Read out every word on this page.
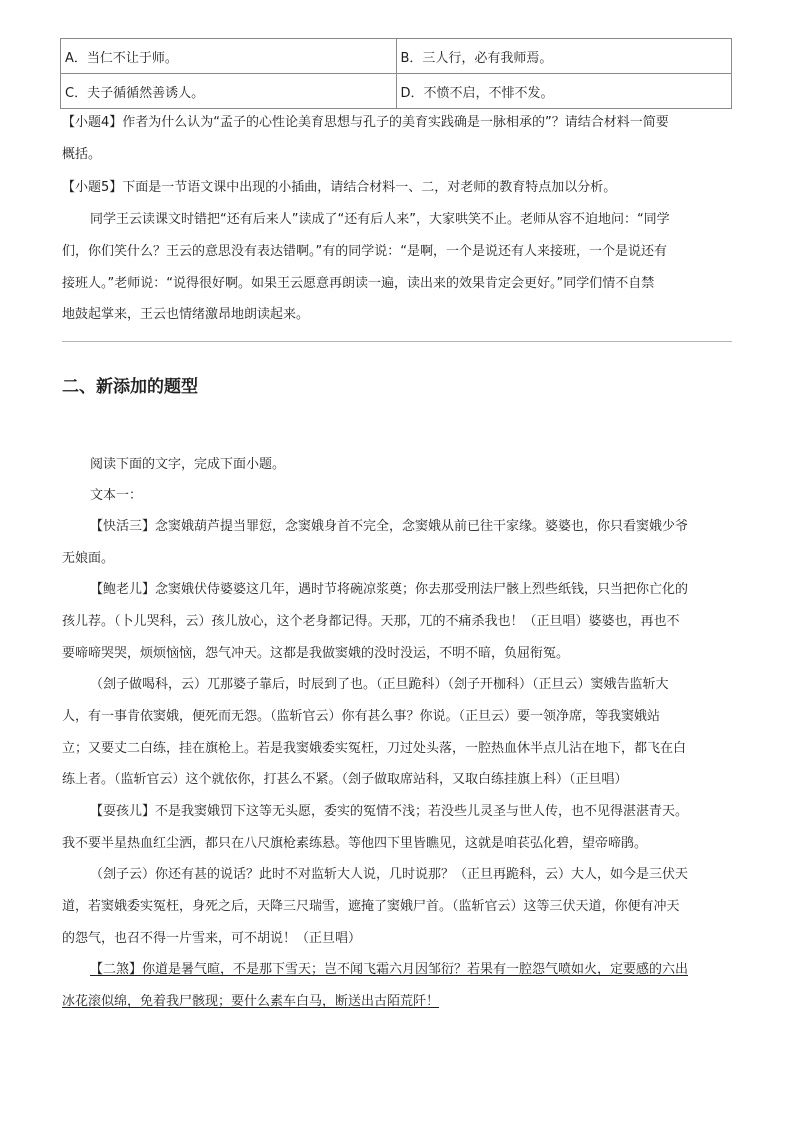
A．当仁不让于师。	B．三人行，必有我师焉。
C．夫子循循然善诱人。	D．不愤不启，不悱不发。
【小题4】作者为什么认为“孟子的心性论美育思想与孔子的美育实践确是一脉相承的”？请结合材料一简要
概括。
【小题5】下面是一节语文课中出现的小插曲，请结合材料一、二，对老师的教育特点加以分析。
同学王云读课文时错把“还有后来人”读成了“还有后人来”，大家哄笑不止。老师从容不迫地问：“同学
们，你们笑什么？王云的意思没有表达错啊。”有的同学说：“是啊，一个是说还有人来接班，一个是说还有
接班人。”老师说：“说得很好啊。如果王云愿意再朗读一遍，读出来的效果肯定会更好。”同学们情不自禁
地鼓起掌来，王云也情绪激昂地朗读起来。
二、新添加的题型
阅读下面的文字，完成下面小题。
文本一：
【快活三】念窦娥葫芦提当罪愆，念窦娥身首不完全，念窦娥从前已往干家缘。婆婆也，你只看窦娥少爷
无娘面。
【鲍老儿】念窦娥伏侍婆婆这几年，遇时节将碗凉浆奠；你去那受刑法尸骸上烈些纸钱，只当把你亡化的
孩儿荐。（卜儿哭科，云）孩儿放心，这个老身都记得。天那，兀的不痛杀我也！（正旦唱）婆婆也，再也不
要啼啼哭哭，烦烦恼恼，怨气冲天。这都是我做窦娥的没时没运，不明不暗，负屈衔冤。
（刽子做喝科，云）兀那婆子靠后，时辰到了也。（正旦跪科）（刽子开枷科）（正旦云）窦娥告监斩大
人，有一事肯依窦娥，便死而无怨。（监斩官云）你有甚么事？你说。（正旦云）要一领净席，等我窦娥站
立；又要丈二白练，挂在旗枪上。若是我窦娥委实冤枉，刀过处头落，一腔热血休半点儿沾在地下，都飞在白
练上者。（监斩官云）这个就依你，打甚么不紧。（刽子做取席站科，又取白练挂旗上科）（正旦唱）
【耍孩儿】不是我窦娥罚下这等无头愿，委实的冤情不浅；若没些儿灵圣与世人传，也不见得湛湛青天。
我不要半星热血红尘洒，都只在八尺旗枪素练悬。等他四下里皆瞧见，这就是咱苌弘化碧，望帝啼鹃。
（刽子云）你还有甚的说话？此时不对监斩大人说，几时说那？（正旦再跪科，云）大人，如今是三伏天
道，若窦娥委实冤枉，身死之后，天降三尺瑞雪，遮掩了窦娥尸首。（监斩官云）这等三伏天道，你便有冲天
的怨气，也召不得一片雪来，可不胡说！（正旦唱）
【二煞】你道是暑气暄，不是那下雪天；岂不闻飞霜六月因邹衍？若果有一腔怨气喷如火，定要感的六出
冰花滚似绵，免着我尸骸现；要什么素车白马，断送出古陌荒阡！
